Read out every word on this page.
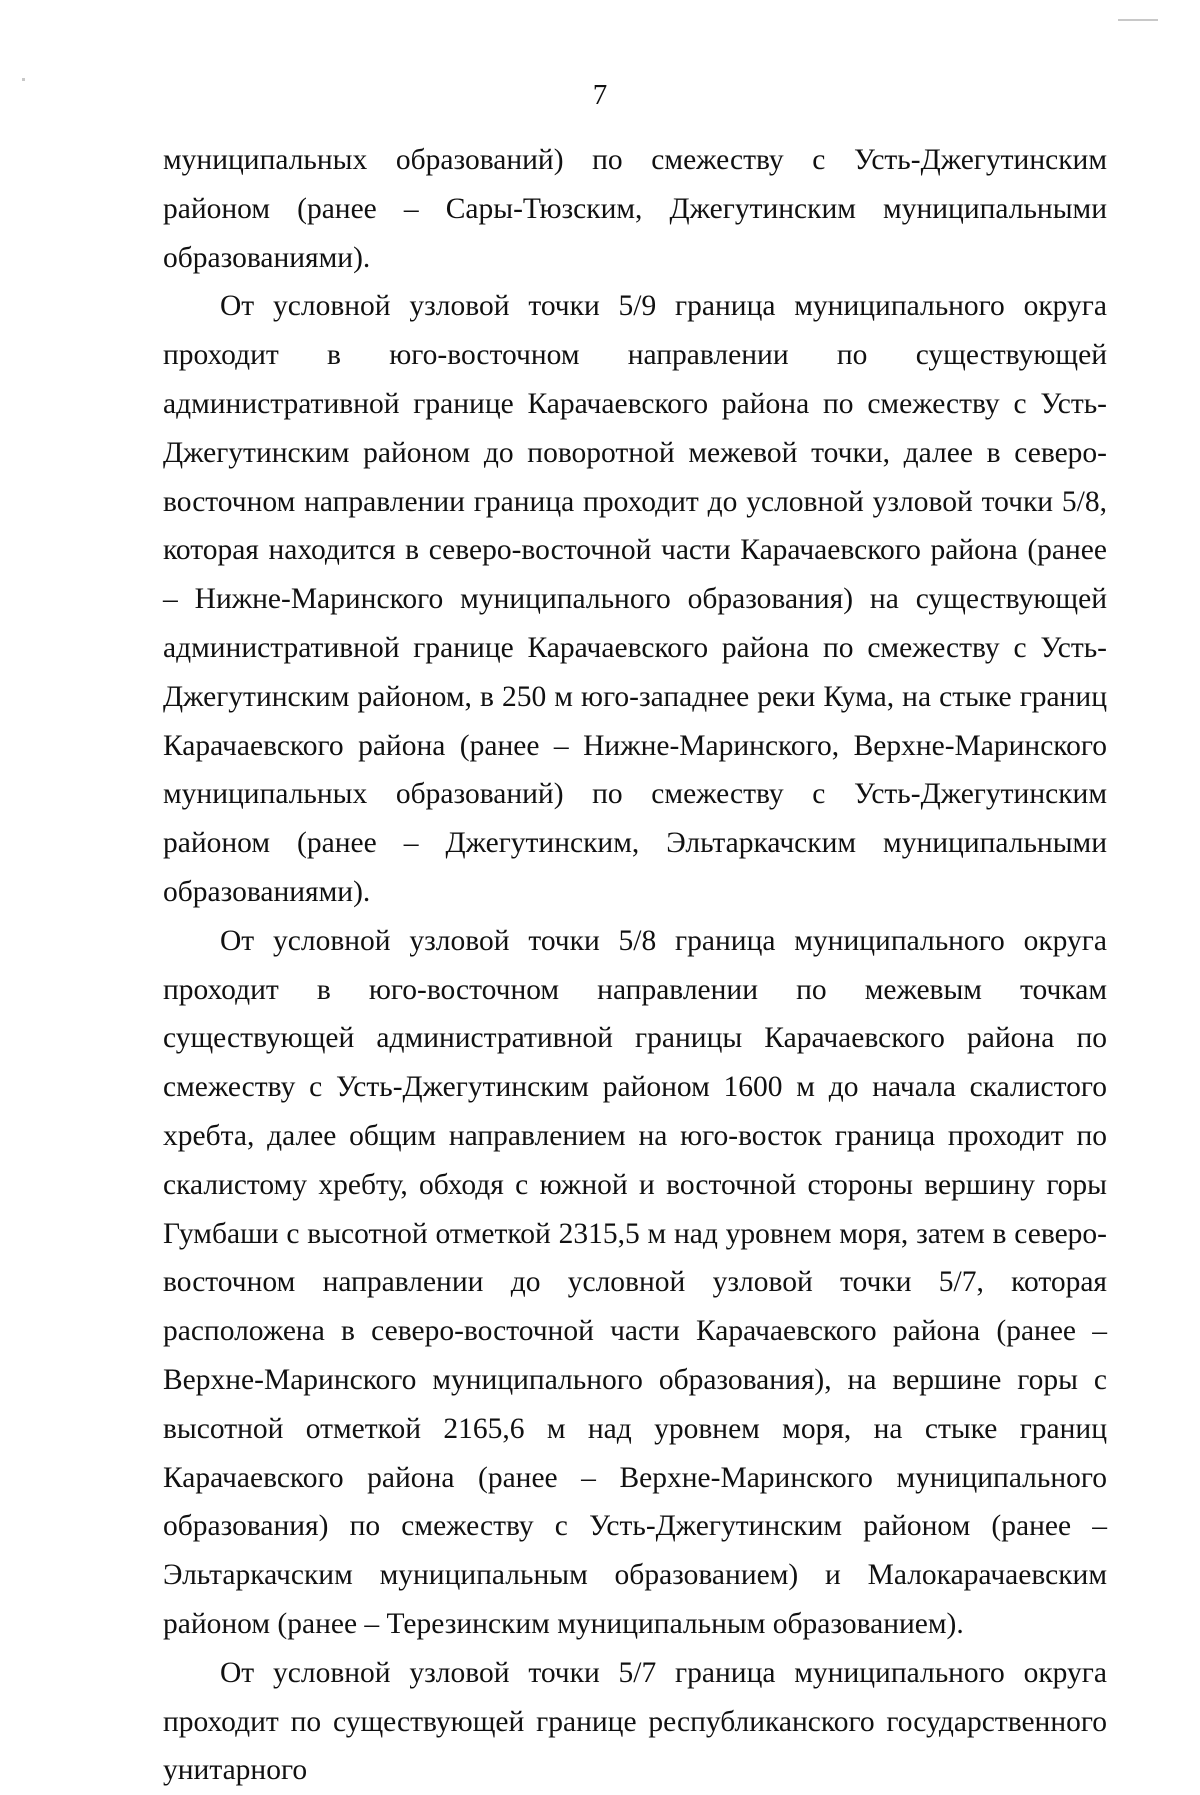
7

муниципальных образований) по смежеству с Усть-Джегутинским районом (ранее – Сары-Тюзским, Джегутинским муниципальными образованиями).

От условной узловой точки 5/9 граница муниципального округа проходит в юго-восточном направлении по существующей административной границе Карачаевского района по смежеству с Усть-Джегутинским районом до поворотной межевой точки, далее в северо-восточном направлении граница проходит до условной узловой точки 5/8, которая находится в северо-восточной части Карачаевского района (ранее – Нижне-Маринского муниципального образования) на существующей административной границе Карачаевского района по смежеству с Усть-Джегутинским районом, в 250 м юго-западнее реки Кума, на стыке границ Карачаевского района (ранее – Нижне-Маринского, Верхне-Маринского муниципальных образований) по смежеству с Усть-Джегутинским районом (ранее – Джегутинским, Эльтаркачским муниципальными образованиями).

От условной узловой точки 5/8 граница муниципального округа проходит в юго-восточном направлении по межевым точкам существующей административной границы Карачаевского района по смежеству с Усть-Джегутинским районом 1600 м до начала скалистого хребта, далее общим направлением на юго-восток граница проходит по скалистому хребту, обходя с южной и восточной стороны вершину горы Гумбаши с высотной отметкой 2315,5 м над уровнем моря, затем в северо-восточном направлении до условной узловой точки 5/7, которая расположена в северо-восточной части Карачаевского района (ранее – Верхне-Маринского муниципального образования), на вершине горы с высотной отметкой 2165,6 м над уровнем моря, на стыке границ Карачаевского района (ранее – Верхне-Маринского муниципального образования) по смежеству с Усть-Джегутинским районом (ранее – Эльтаркачским муниципальным образованием) и Малокарачаевским районом (ранее – Терезинским муниципальным образованием).

От условной узловой точки 5/7 граница муниципального округа проходит по существующей границе республиканского государственного унитарного
